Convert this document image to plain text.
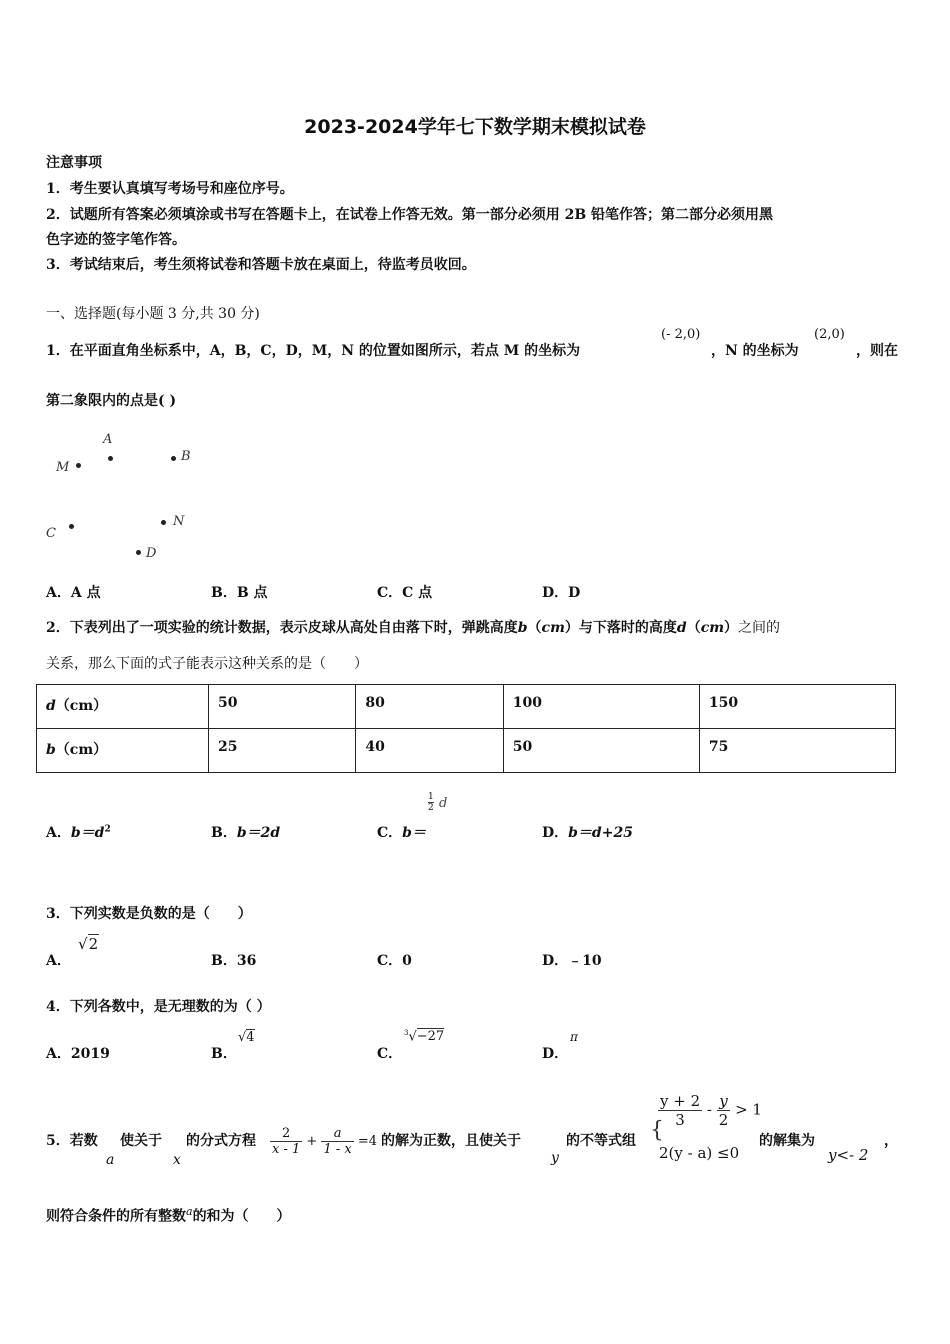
2023-2024学年七下数学期末模拟试卷
注意事项
1．考生要认真填写考场号和座位序号。
2．试题所有答案必须填涂或书写在答题卡上，在试卷上作答无效。第一部分必须用 2B 铅笔作答；第二部分必须用黑
色字迹的签字笔作答。
3．考试结束后，考生须将试卷和答题卡放在桌面上，待监考员收回。
一、选择题(每小题 3 分,共 30 分)
1．在平面直角坐标系中，A，B，C，D，M，N 的位置如图所示，若点 M 的坐标为
(- 2,0)
，N 的坐标为
(2,0)
，则在
第二象限内的点是( )
A
M
B
C
N
D
A．A 点	B．B 点	C．C 点	D．D
2．下表列出了一项实验的统计数据，表示皮球从高处自由落下时，弹跳高度b（cm）与下落时的高度d（cm）之间的
关系，那么下面的式子能表示这种关系的是（　　）
d（cm）	50	80	100	150
b（cm）	25	40	50	75
A．$b=d^2$	B．b＝2d	C．b＝
1
2 d
D．b＝d+25
3．下列实数是负数的是（　　）
A．
√2
B．36	C．0	D．﹣10
4．下列各数中，是无理数的为（ ）
A．2019	B．
√4
C．
$^3$√−27
D．
π
5．若数
a
使关于
x
的分式方程 $\frac{2}{x - 1} + \frac{a}{1 - x} =4$ 的解为正数，且使关于
y
的不等式组 {
$\frac{y + 2}{3} - \frac{y}{2} > 1$
2(y - a) ≤0
的解集为
y<- 2
，
则符合条件的所有整数$^a$的和为（　　）
